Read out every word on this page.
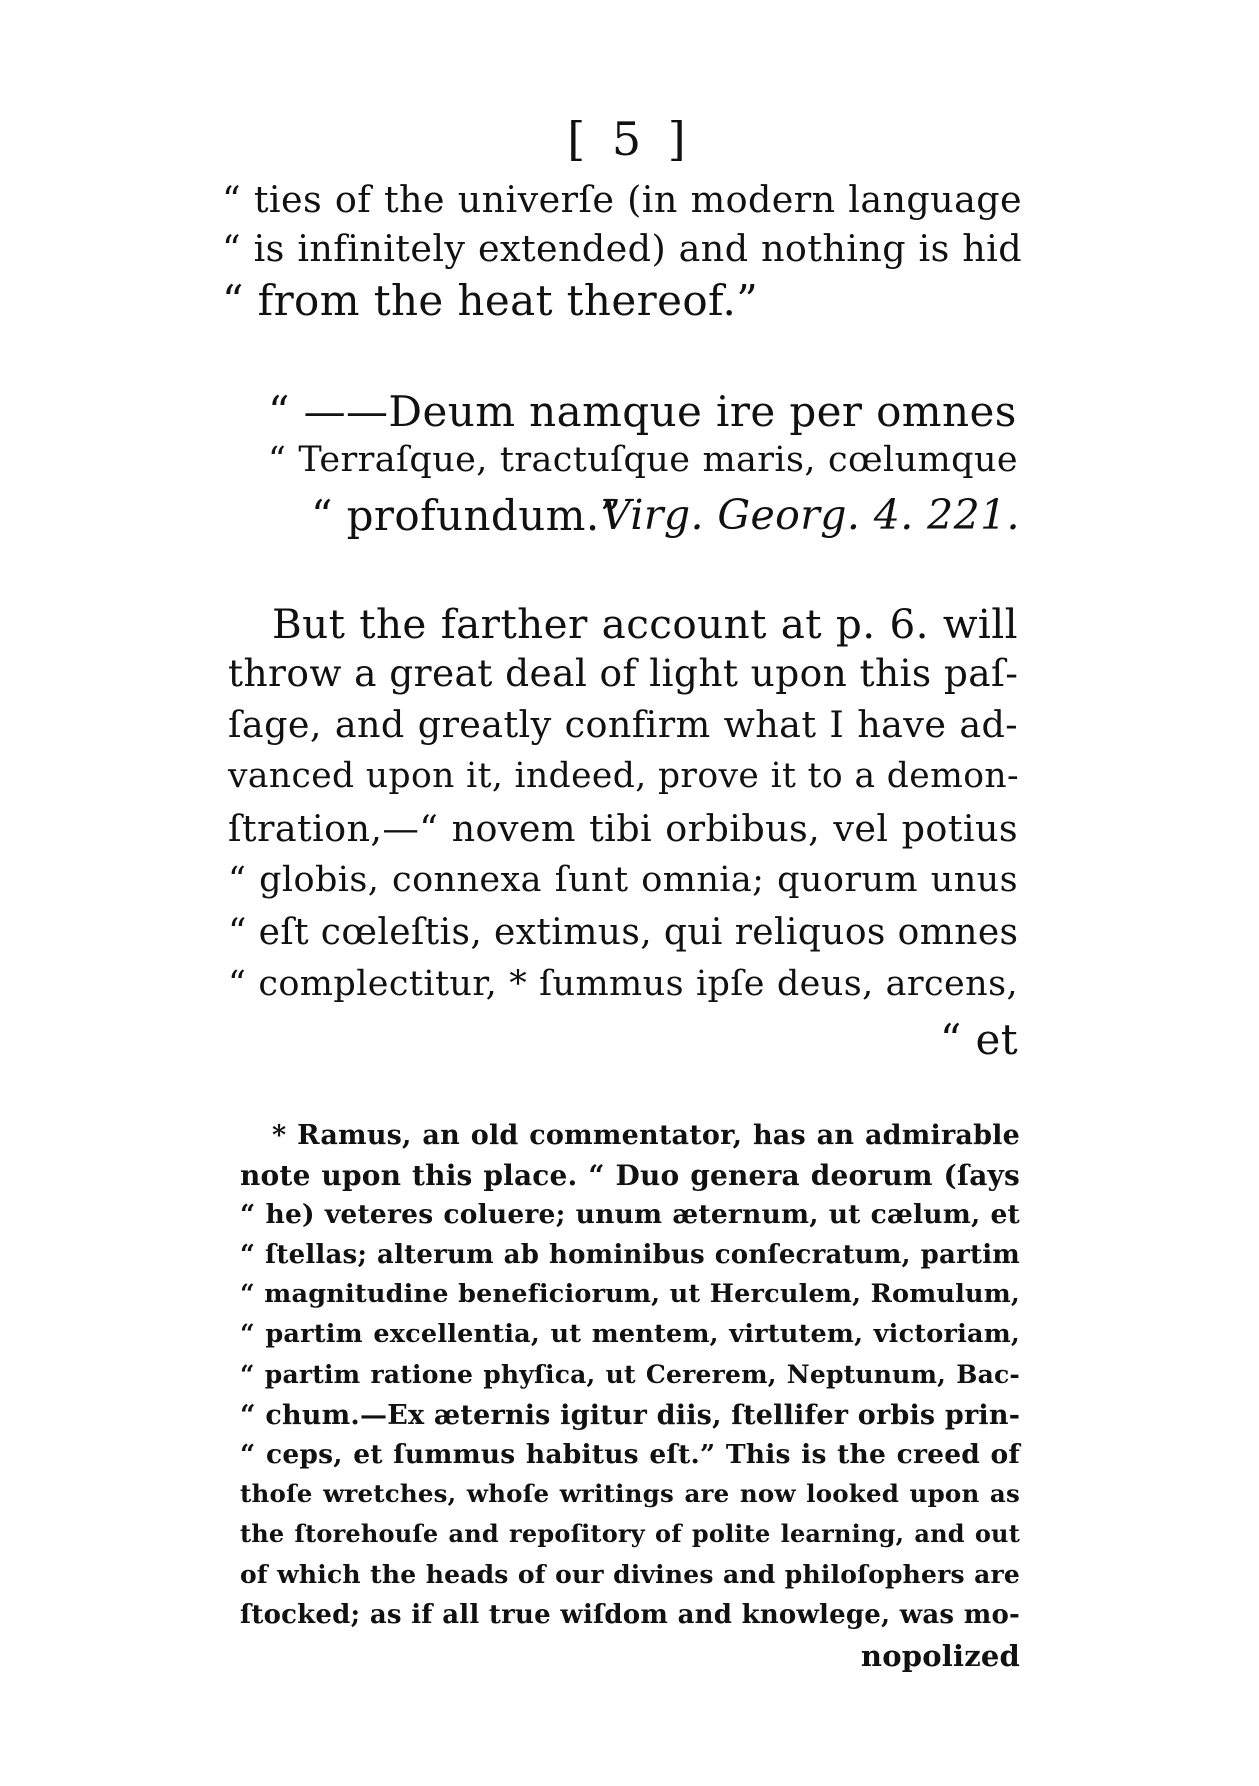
[ 5 ]
“ ties of the univerſe (in modern language
“ is infinitely extended) and nothing is hid
“ from the heat thereof.”
“ ——Deum namque ire per omnes
“ Terraſque, tractuſque maris, cœlumque
“ profundum.”
Virg. Georg. 4. 221.
But the farther account at p. 6. will
throw a great deal of light upon this paſ-
ſage, and greatly confirm what I have ad-
vanced upon it, indeed, prove it to a demon-
ſtration,—“ novem tibi orbibus, vel potius
“ globis, connexa ſunt omnia; quorum unus
“ eſt cœleſtis, extimus, qui reliquos omnes
“ complectitur, * ſummus ipſe deus, arcens,
“ et
* Ramus, an old commentator, has an admirable
note upon this place. “ Duo genera deorum (ſays
“ he) veteres coluere; unum æternum, ut cælum, et
“ ſtellas; alterum ab hominibus conſecratum, partim
“ magnitudine beneficiorum, ut Herculem, Romulum,
“ partim excellentia, ut mentem, virtutem, victoriam,
“ partim ratione phyſica, ut Cererem, Neptunum, Bac-
“ chum.—Ex æternis igitur diis, ſtellifer orbis prin-
“ ceps, et ſummus habitus eſt.” This is the creed of
thoſe wretches, whoſe writings are now looked upon as
the ſtorehouſe and repoſitory of polite learning, and out
of which the heads of our divines and philoſophers are
ſtocked; as if all true wiſdom and knowlege, was mo-
nopolized
